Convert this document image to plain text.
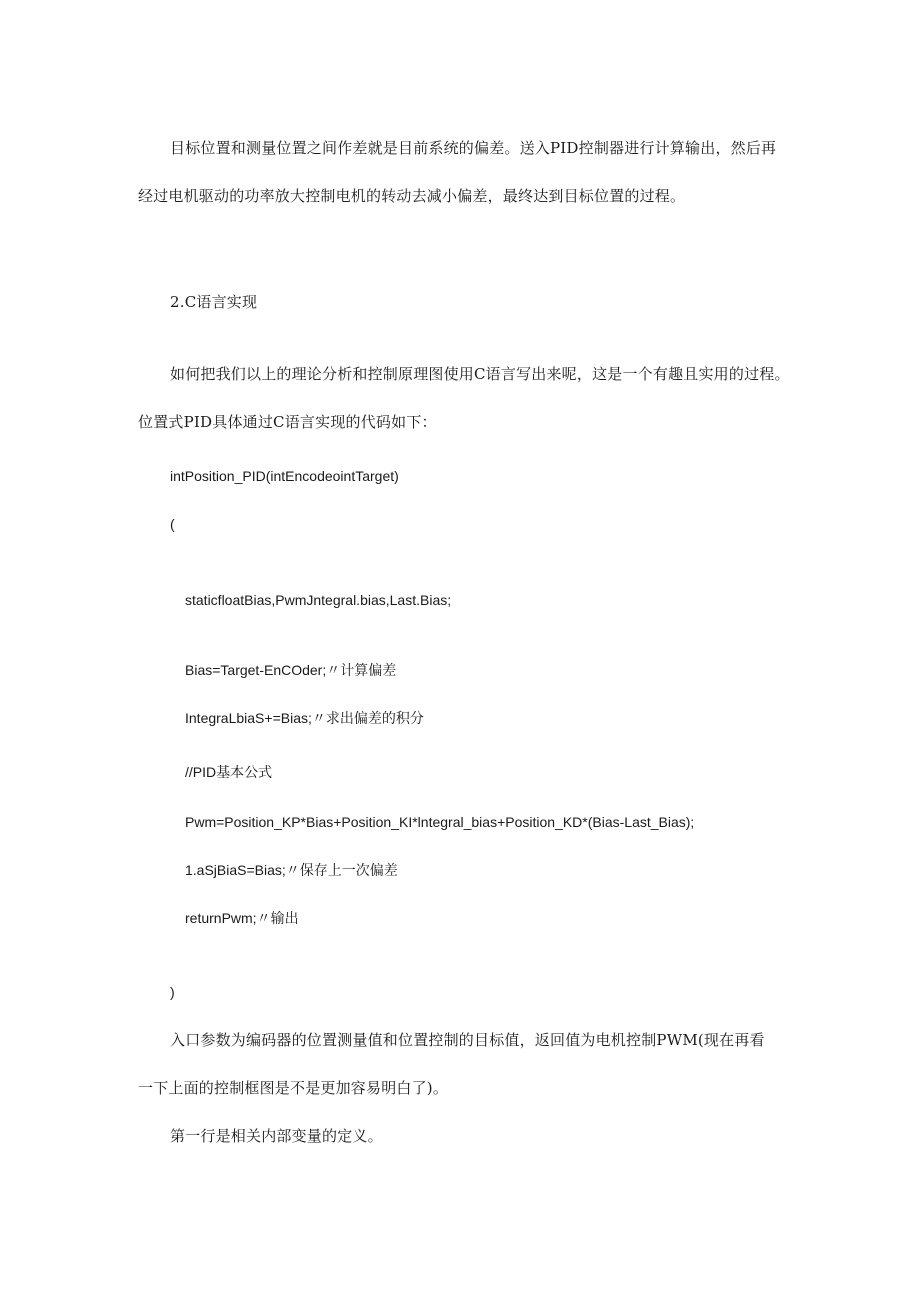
目标位置和测量位置之间作差就是目前系统的偏差。送入PID控制器进行计算输出，然后再
经过电机驱动的功率放大控制电机的转动去减小偏差，最终达到目标位置的过程。
2.C语言实现
如何把我们以上的理论分析和控制原理图使用C语言写出来呢，这是一个有趣且实用的过程。
位置式PID具体通过C语言实现的代码如下：
intPosition_PID(intEncodeointTarget)
(
staticfloatBias,PwmJntegral.bias,Last.Bias;
Bias=Target-EnCOder;〃计算偏差
IntegraLbiaS+=Bias;〃求出偏差的积分
//PID基本公式
Pwm=Position_KP*Bias+Position_KI*lntegral_bias+Position_KD*(Bias-Last_Bias);
1.aSjBiaS=Bias;〃保存上一次偏差
returnPwm;〃输出
)
入口参数为编码器的位置测量值和位置控制的目标值，返回值为电机控制PWM(现在再看
一下上面的控制框图是不是更加容易明白了)。
第一行是相关内部变量的定义。
